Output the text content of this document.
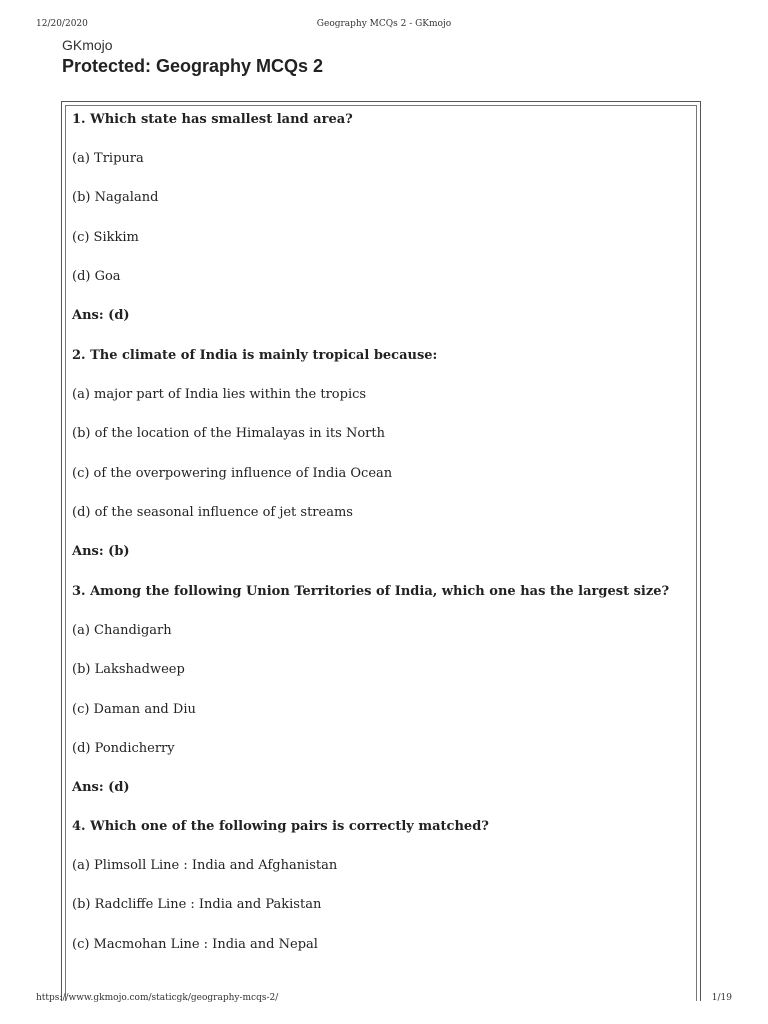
12/20/2020	Geography MCQs 2 - GKmojo
GKmojo
Protected: Geography MCQs 2
1. Which state has smallest land area?
(a) Tripura
(b) Nagaland
(c) Sikkim
(d) Goa
Ans: (d)
2. The climate of India is mainly tropical because:
(a) major part of India lies within the tropics
(b) of the location of the Himalayas in its North
(c) of the overpowering influence of India Ocean
(d) of the seasonal influence of jet streams
Ans: (b)
3. Among the following Union Territories of India, which one has the largest size?
(a) Chandigarh
(b) Lakshadweep
(c) Daman and Diu
(d) Pondicherry
Ans: (d)
4. Which one of the following pairs is correctly matched?
(a) Plimsoll Line : India and Afghanistan
(b) Radcliffe Line : India and Pakistan
(c) Macmohan Line : India and Nepal
https://www.gkmojo.com/staticgk/geography-mcqs-2/	1/19
